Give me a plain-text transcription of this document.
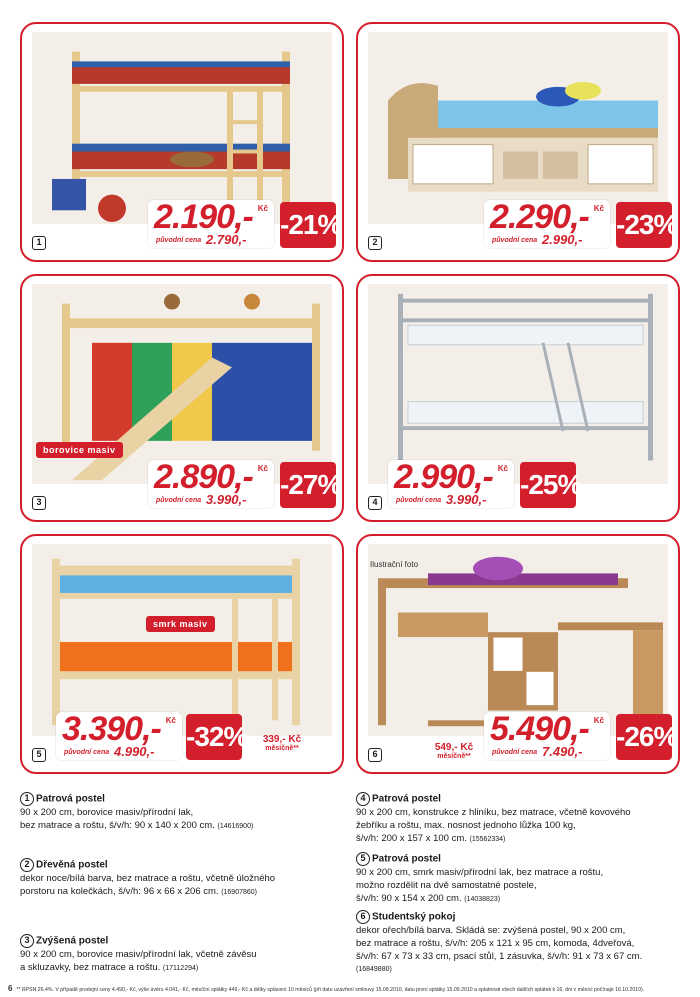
2.190,- Kč
původní cena 2.790,- -21%
1
2.290,- Kč
původní cena 2.990,- -23%
2
borovice masiv
2.890,- Kč
původní cena 3.990,- -27%
3
2.990,- Kč
původní cena 3.990,- -25%
4
smrk masiv
3.390,- Kč
původní cena 4.990,- -32%	339,- Kč
měsíčně**
5
Ilustrační foto
549,- Kč
měsíčně**
5.490,- Kč
původní cena 7.490,- -26%
6

1 Patrová postel

90 x 200 cm, borovice masiv/přírodní lak,

bez matrace a roštu, š/v/h: 90 x 140 x 200 cm. (14616900)

2 Dřevěná postel

dekor noce/bílá barva, bez matrace a roštu, včetně úložného

porstoru na kolečkách, š/v/h: 96 x 66 x 206 cm. (16907860)

3 Zvýšená postel

90 x 200 cm, borovice masiv/přírodní lak, včetně závěsu

a skluzavky, bez matrace a roštu. (17112294)

4 Patrová postel

90 x 200 cm, konstrukce z hliníku, bez matrace, včetně kovového

žebříku a roštu, max. nosnost jednoho lůžka 100 kg,

š/v/h: 200 x 157 x 100 cm. (15562334)

5 Patrová postel

90 x 200 cm, smrk masiv/přírodní lak, bez matrace a roštu,

možno rozdělit na dvě samostatné postele,

š/v/h: 90 x 154 x 200 cm. (14038823)

6 Studentský pokoj

dekor ořech/bílá barva. Skládá se: zvýšená postel, 90 x 200 cm,

bez matrace a roštu, š/v/h: 205 x 121 x 95 cm, komoda, 4dveřová,

š/v/h: 67 x 73 x 33 cm, psací stůl, 1 zásuvka, š/v/h: 91 x 73 x 67 cm.

(16849880)

6 ** RPSN 26,4%. V případě prodejní ceny 4.490,- Kč, výše úvěru 4.041,- Kč, měsíční splátky 449,- Kč a délky splácení 10 měsíců (při datu uzavření smlouvy 15.08.2010, datu první splátky 15.09.2010 a splatnosti všech dalších splátek k 16. dni v měsíci počínaje 16.10.2010).
